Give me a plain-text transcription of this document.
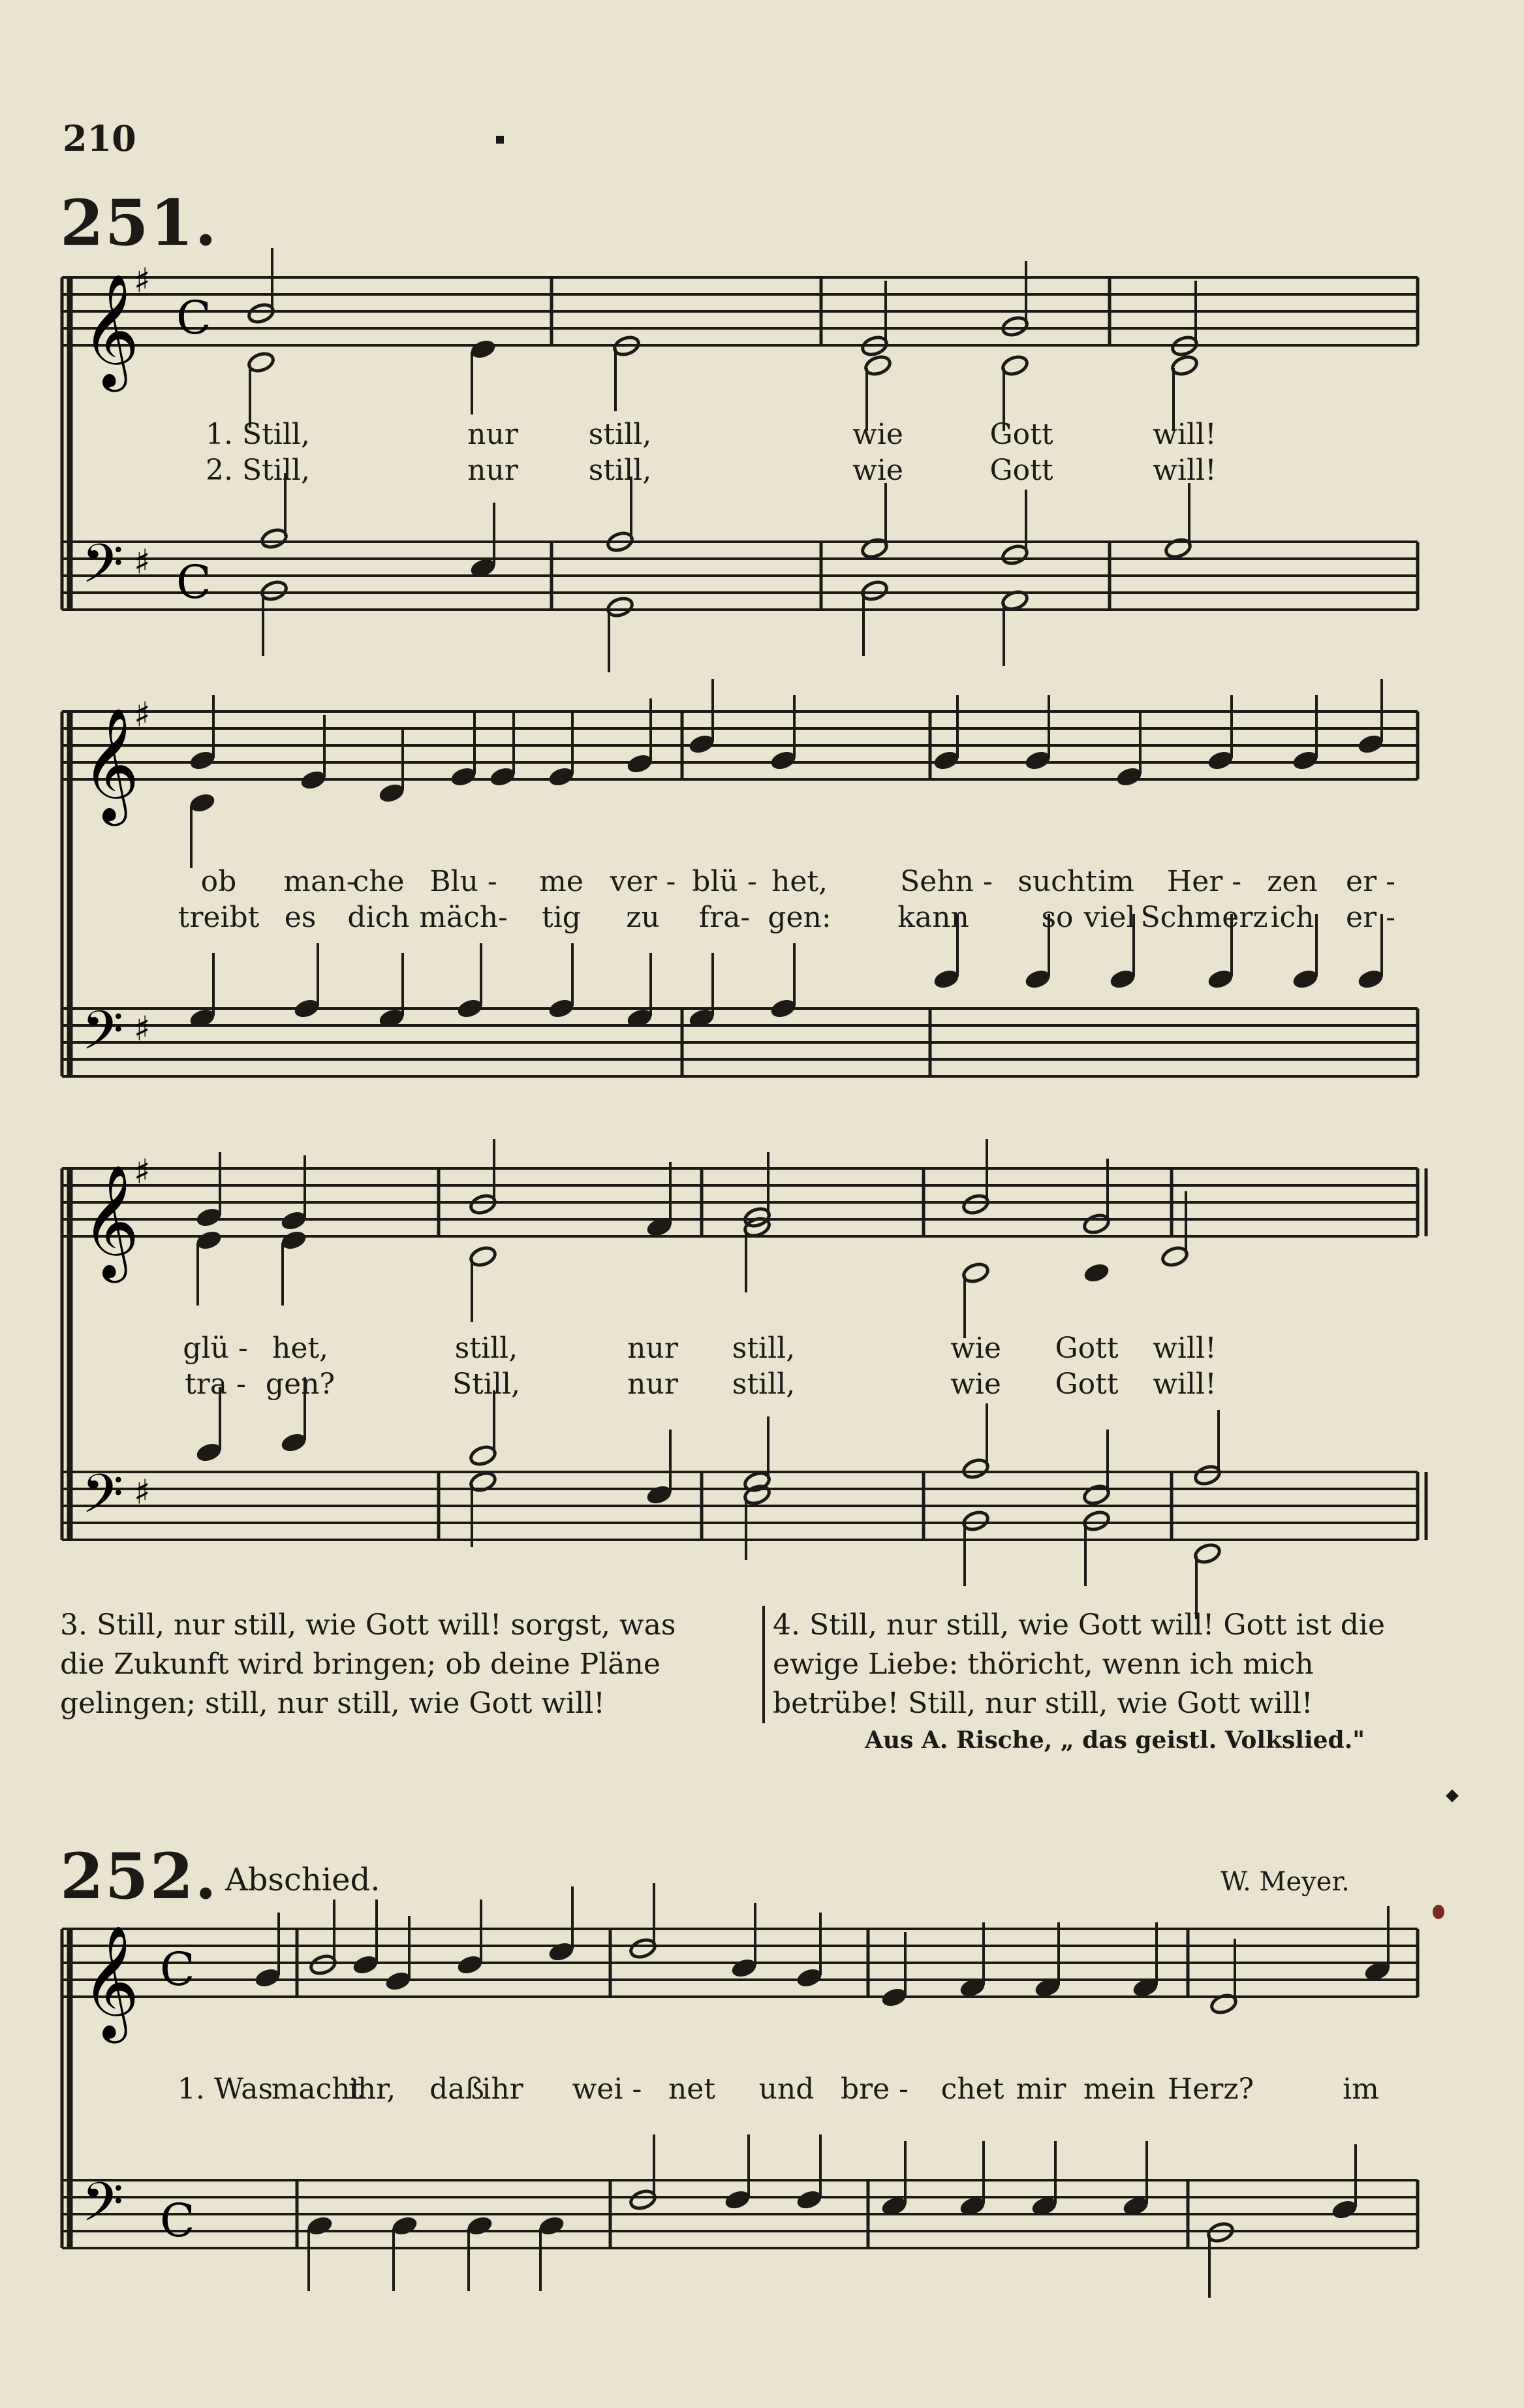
210
𝄞
𝄢
♯
♯
C
C
𝄞
𝄢
♯
♯
𝄞
𝄢
♯
♯
𝄞
𝄢
C
C
251.
1. Still,	nur still,	wie	Gott	will!
2. Still,	nur still,	wie	Gott	will!
ob man-
che Blu - me ver - blü - het,	Sehn - sucht im Her - zen er -
treibt es dich mäch- tig zu fra- gen: kann	so viel Schmerz ich er -
glü - het,	still,	nur still,	wie Gott will!
tra - gen?	Still,	nur still,	wie Gott will!
3. Still, nur still, wie Gott will! sorgst, was die Zukunft wird bringen; ob deine Pläne gelingen; still, nur still, wie Gott will!
4. Still, nur still, wie Gott will! Gott ist die ewige Liebe: thöricht, wenn ich mich betrübe! Still, nur still, wie Gott will!
Aus A. Rische, „ das geistl. Volkslied."
252. Abschied.	W. Meyer.
1. Was
macht
ihr, daß
ihr wei - net und bre - chet mir mein Herz?	im
◆
